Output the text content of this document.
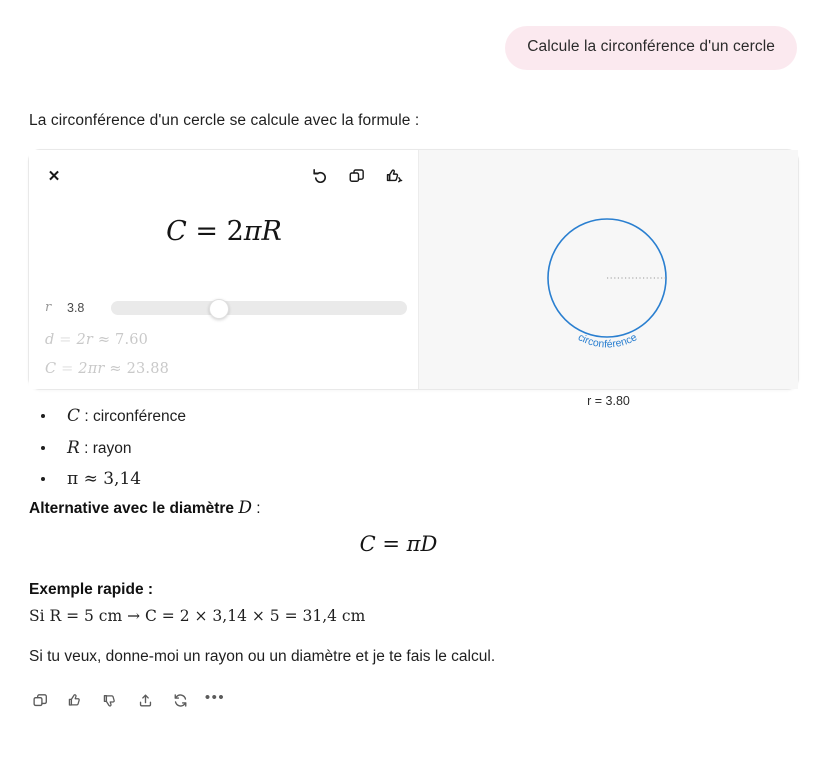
Calcule la circonférence d'un cercle
La circonférence d'un cercle se calcule avec la formule :
✕
C = 2πR
r	3.8
d = 2r ≈ 7.60
C = 2πr ≈ 23.88
circonférence
r = 3.80
C : circonférence
R : rayon
π ≈ 3,14
Alternative avec le diamètre D :
C = πD
Exemple rapide :
Si R = 5 cm → C = 2 × 3,14 × 5 = 31,4 cm
Si tu veux, donne-moi un rayon ou un diamètre et je te fais le calcul.
•••
